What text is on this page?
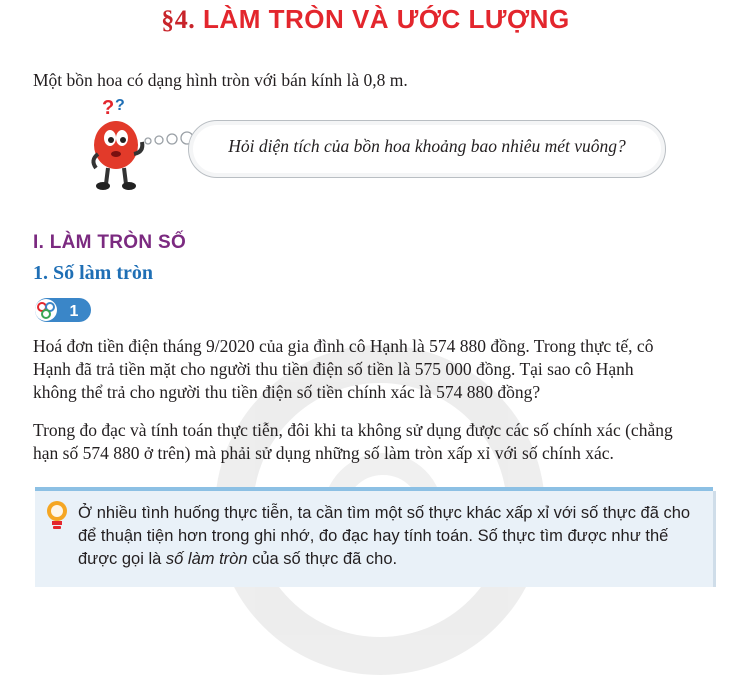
§4. LÀM TRÒN VÀ ƯỚC LƯỢNG

Một bồn hoa có dạng hình tròn với bán kính là 0,8 m.

? ?
Hỏi diện tích của bồn hoa khoảng bao nhiêu mét vuông?
I. LÀM TRÒN SỐ
1. Số làm tròn
1
Hoá đơn tiền điện tháng 9/2020 của gia đình cô Hạnh là 574 880 đồng. Trong thực tế, cô
Hạnh đã trả tiền mặt cho người thu tiền điện số tiền là 575 000 đồng. Tại sao cô Hạnh
không thể trả cho người thu tiền điện số tiền chính xác là 574 880 đồng?
Trong đo đạc và tính toán thực tiễn, đôi khi ta không sử dụng được các số chính xác (chẳng
hạn số 574 880 ở trên) mà phải sử dụng những số làm tròn xấp xỉ với số chính xác.
Ở nhiều tình huống thực tiễn, ta cần tìm một số thực khác xấp xỉ với số thực đã cho
để thuận tiện hơn trong ghi nhớ, đo đạc hay tính toán. Số thực tìm được như thế
được gọi là số làm tròn của số thực đã cho.
